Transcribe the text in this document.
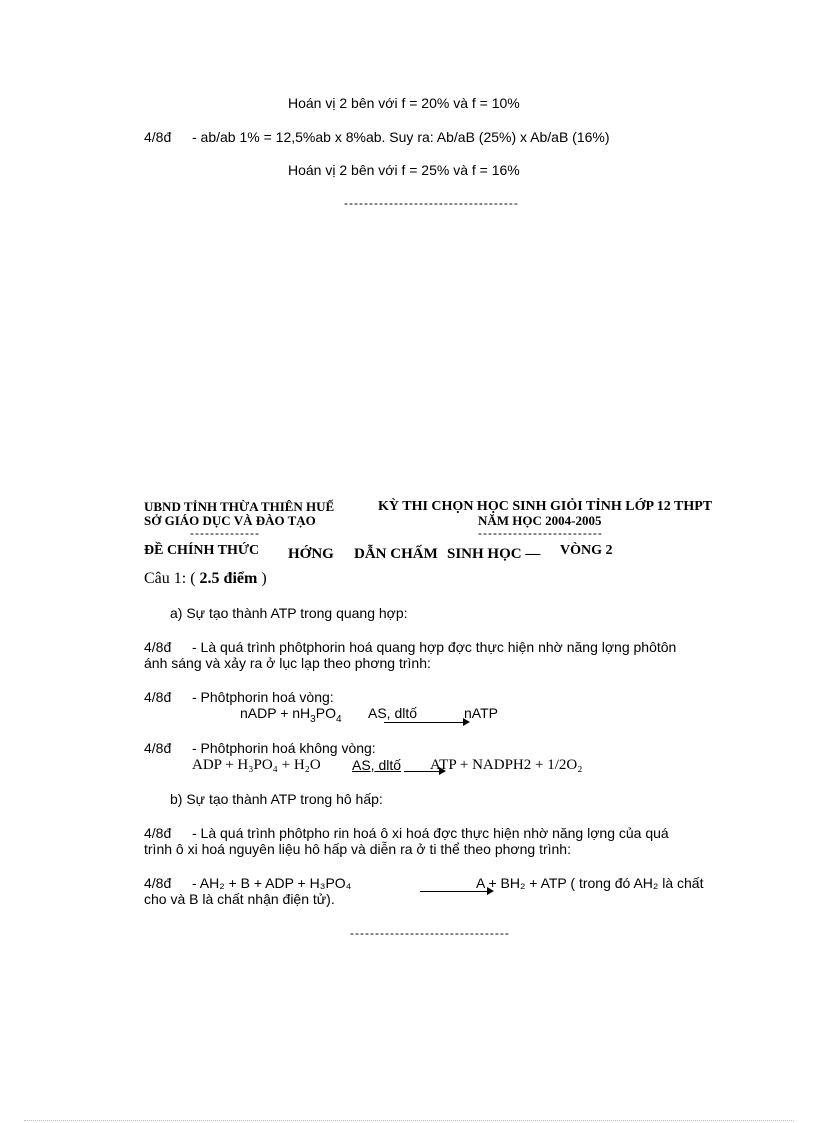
Hoán vị 2 bên với f = 20% và f = 10%
4/8đ - ab/ab 1% = 12,5%ab x 8%ab. Suy ra: Ab/aB (25%) x Ab/aB (16%)
Hoán vị 2 bên với f = 25% và f = 16%
-----------------------------------
UBND TỈNH THỪA THIÊN HUẾ
SỞ GIÁO DỤC VÀ ĐÀO TẠO
--------------
KỲ THI CHỌN HỌC SINH GIỎI TỈNH LỚP 12 THPT
NĂM HỌC 2004-2005
-------------------------
ĐỀ CHÍNH THỨC HỚNG DẪN CHẤM SINH HỌC — VÒNG 2
Câu 1: ( 2.5 điểm )
a) Sự tạo thành ATP trong quang hợp:
4/8đ - Là quá trình phôtphorin hoá quang hợp đợc thực hiện nhờ năng lợng phôtôn
ánh sáng và xảy ra ở lục lạp theo phơng trình:
4/8đ - Phôtphorin hoá vòng:
nADP + $nH_3PO_4$ AS, dltố	nATP
4/8đ - Phôtphorin hoá không vòng:
ADP + H₃PO₄ + H₂O AS, dltố →
ATP + NADPH2 + 1/2O₂
b) Sự tạo thành ATP trong hô hấp:
4/8đ - Là quá trình phôtpho rin hoá ô xi hoá đợc thực hiện nhờ năng lợng của quá
trình ô xi hoá nguyên liệu hô hấp và diễn ra ở ti thể theo phơng trình:
4/8đ - AH₂ + B + ADP + H₃PO₄	A + BH₂ + ATP ( trong đó AH₂ là chất
cho và B là chất nhận điện tử).
--------------------------------
